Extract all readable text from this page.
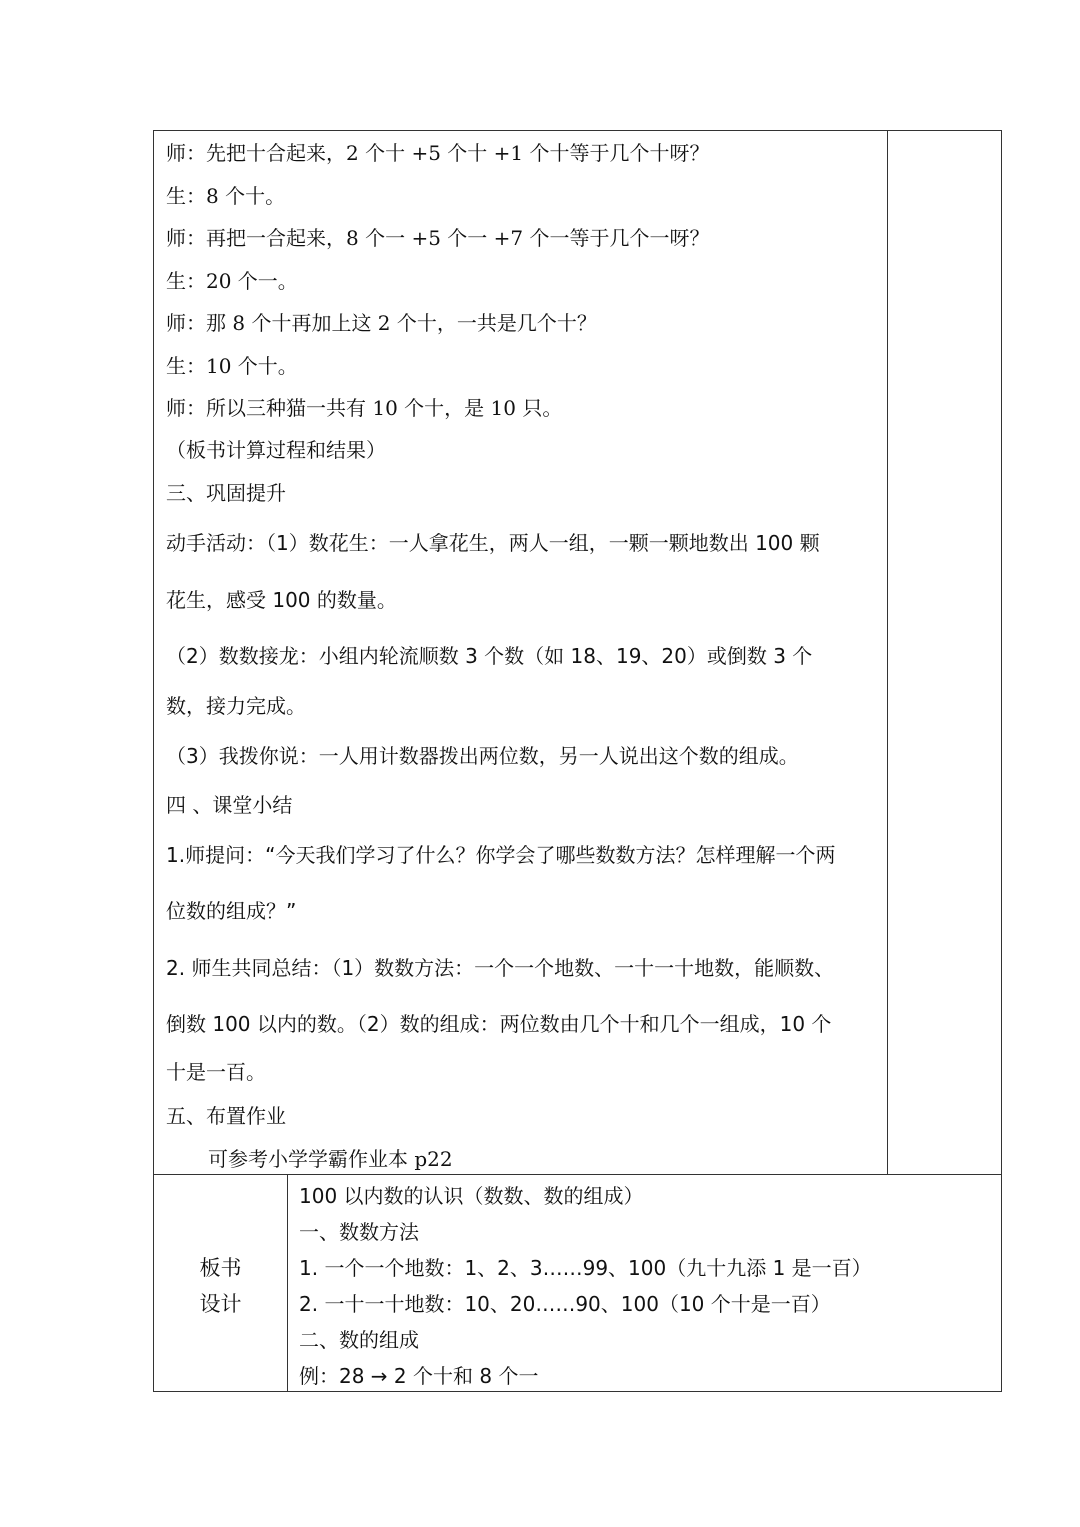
师：先把十合起来，2 个十 +5 个十 +1 个十等于几个十呀？
生：8 个十。
师：再把一合起来，8 个一 +5 个一 +7 个一等于几个一呀？
生：20 个一。
师：那 8 个十再加上这 2 个十，一共是几个十？
生：10 个十。
师：所以三种猫一共有 10 个十，是 10 只。
（板书计算过程和结果）
三、巩固提升
动手活动：（1）数花生：一人拿花生，两人一组，一颗一颗地数出 100 颗
花生，感受 100 的数量。
（2）数数接龙：小组内轮流顺数 3 个数（如 18、19、20）或倒数 3 个
数，接力完成。
（3）我拨你说：一人用计数器拨出两位数，另一人说出这个数的组成。
四 、课堂小结
1.师提问：“今天我们学习了什么？你学会了哪些数数方法？怎样理解一个两
位数的组成？”
2. 师生共同总结：（1）数数方法：一个一个地数、一十一十地数，能顺数、
倒数 100 以内的数。（2）数的组成：两位数由几个十和几个一组成，10 个
十是一百。
五、布置作业
可参考小学学霸作业本 p22
板书
设计
100 以内数的认识（数数、数的组成）
一、数数方法
1. 一个一个地数：1、2、3……99、100（九十九添 1 是一百）
2. 一十一十地数：10、20……90、100（10 个十是一百）
二、数的组成
例：28 → 2 个十和 8 个一
